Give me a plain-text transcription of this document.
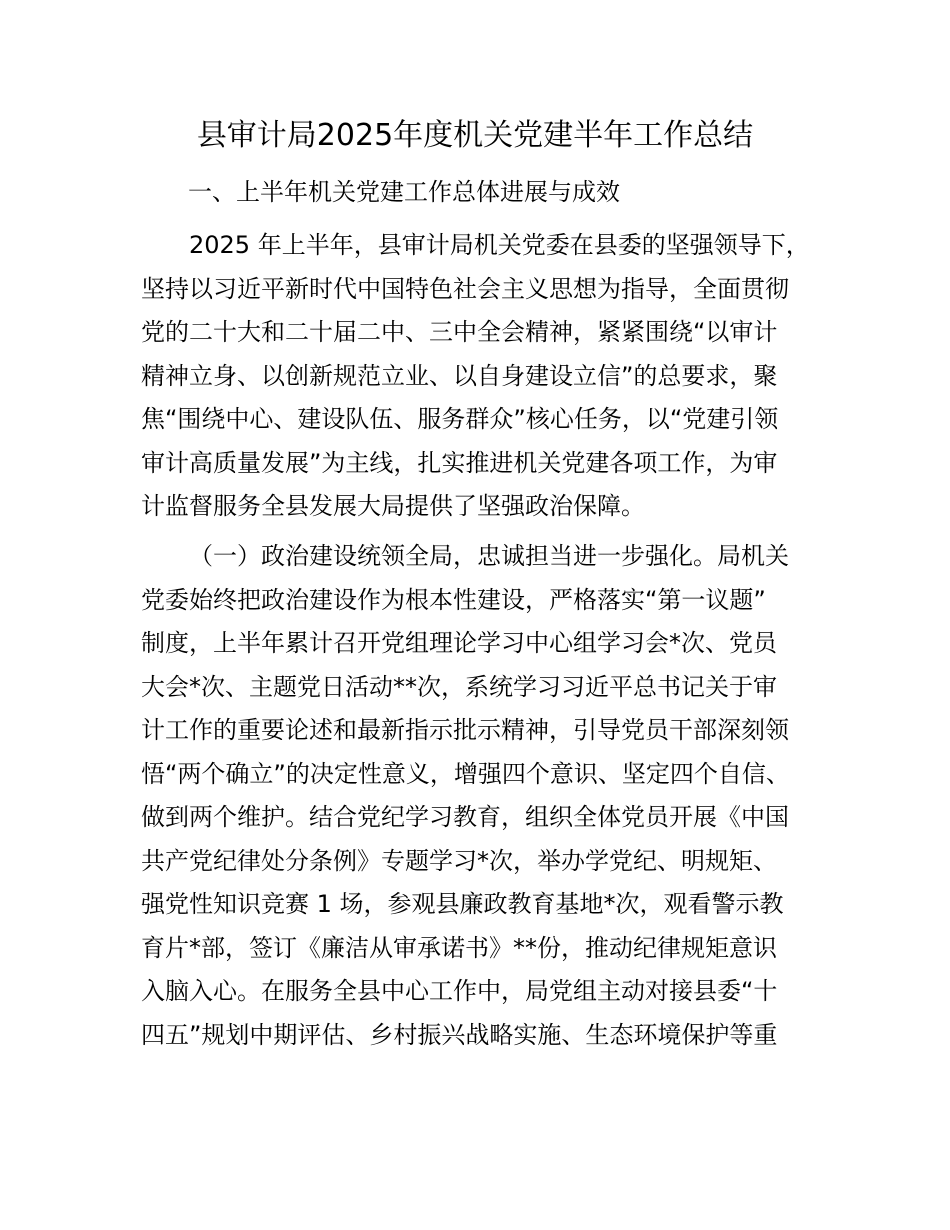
县审计局2025年度机关党建半年工作总结
一、上半年机关党建工作总体进展与成效

2025 年上半年，县审计局机关党委在县委的坚强领导下，
坚持以习近平新时代中国特色社会主义思想为指导，全面贯彻
党的二十大和二十届二中、三中全会精神，紧紧围绕“以审计
精神立身、以创新规范立业、以自身建设立信”的总要求，聚
焦“围绕中心、建设队伍、服务群众”核心任务，以“党建引领
审计高质量发展”为主线，扎实推进机关党建各项工作，为审
计监督服务全县发展大局提供了坚强政治保障。

（一）政治建设统领全局，忠诚担当进一步强化。局机关
党委始终把政治建设作为根本性建设，严格落实“第一议题”
制度，上半年累计召开党组理论学习中心组学习会*次、党员
大会*次、主题党日活动**次，系统学习习近平总书记关于审
计工作的重要论述和最新指示批示精神，引导党员干部深刻领
悟“两个确立”的决定性意义，增强四个意识、坚定四个自信、
做到两个维护。结合党纪学习教育，组织全体党员开展《中国
共产党纪律处分条例》专题学习*次，举办学党纪、明规矩、
强党性知识竞赛 1 场，参观县廉政教育基地*次，观看警示教
育片*部，签订《廉洁从审承诺书》**份，推动纪律规矩意识
入脑入心。在服务全县中心工作中，局党组主动对接县委“十
四五”规划中期评估、乡村振兴战略实施、生态环境保护等重
